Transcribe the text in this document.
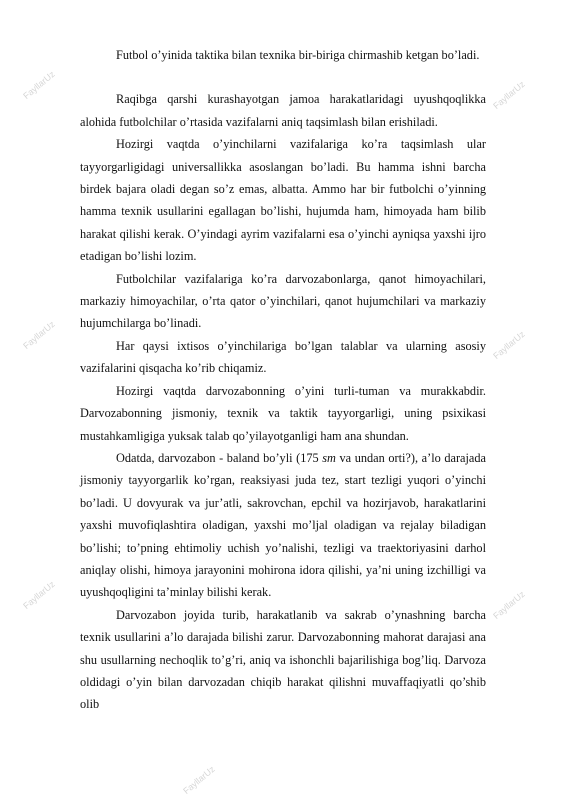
FayllarUz
FayllarUz
FayllarUz
FayllarUz
FayllarUz
FayllarUz
FayllarUz

Futbol o’yinida taktika bilan texnika bir-biriga chirmashib ketgan bo’ladi.

Raqibga qarshi kurashayotgan jamoa harakatlaridagi uyushqoqlikka alohida futbolchilar o’rtasida vazifalarni aniq taqsimlash bilan erishiladi.

Hozirgi vaqtda o’yinchilarni vazifalariga ko’ra taqsimlash ular tayyorgarligidagi universallikka asoslangan bo’ladi. Bu hamma ishni barcha birdek bajara oladi degan so’z emas, albatta. Ammo har bir futbolchi o’yinning hamma texnik usullarini egallagan bo’lishi, hujumda ham, himoyada ham bilib harakat qilishi kerak. O’yindagi ayrim vazifalarni esa o’yinchi ayniqsa yaxshi ijro etadigan bo’lishi lozim.

Futbolchilar vazifalariga ko’ra darvozabonlarga, qanot himoyachilari, markaziy himoyachilar, o’rta qator o’yinchilari, qanot hujumchilari va markaziy hujumchilarga bo’linadi.

Har qaysi ixtisos o’yinchilariga bo’lgan talablar va ularning asosiy vazifalarini qisqacha ko’rib chiqamiz.

Hozirgi vaqtda darvozabonning o’yini turli-tuman va murakkabdir. Darvozabonning jismoniy, texnik va taktik tayyorgarligi, uning psixikasi mustahkamligiga yuksak talab qo’yilayotganligi ham ana shundan.

Odatda, darvozabon - baland bo’yli (175 sm va undan orti?), a’lo darajada jismoniy tayyorgarlik ko’rgan, reaksiyasi juda tez, start tezligi yuqori o’yinchi bo’ladi. U dovyurak va jur’atli, sakrovchan, epchil va hozirjavob, harakatlarini yaxshi muvofiqlashtira oladigan, yaxshi mo’ljal oladigan va rejalay biladigan bo’lishi; to’pning ehtimoliy uchish yo’nalishi, tezligi va traektoriyasini darhol aniqlay olishi, himoya jarayonini mohirona idora qilishi, ya’ni uning izchilligi va uyushqoqligini ta’minlay bilishi kerak.

Darvozabon joyida turib, harakatlanib va sakrab o’ynashning barcha texnik usullarini a’lo darajada bilishi zarur. Darvozabonning mahorat darajasi ana shu usullarning nechoqlik to’g’ri, aniq va ishonchli bajarilishiga bog’liq. Darvoza oldidagi o’yin bilan darvozadan chiqib harakat qilishni muvaffaqiyatli qo’shib olib
